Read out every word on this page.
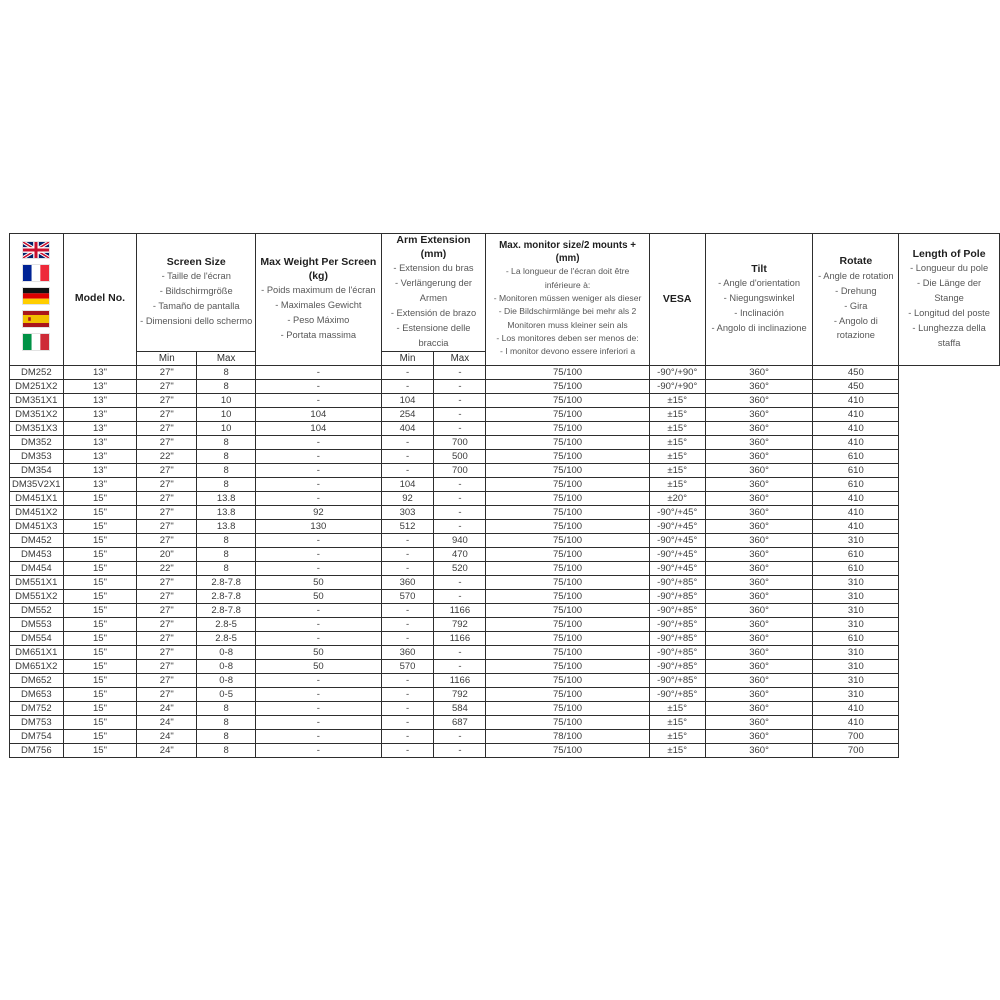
Model No.

Screen Size
- Taille de l'écran
- Bildschirmgröße
- Tamaño de pantalla
- Dimensioni dello schermo

Max Weight Per Screen (kg)
- Poids maximum de l'écran
- Maximales Gewicht
- Peso Máximo
- Portata massima

Arm Extension (mm)
- Extension du bras
- Verlängerung der Armen
- Extensión de brazo
- Estensione delle braccia

Max. monitor size/2 mounts + (mm)
- La longueur de l'écran doit être inférieure à:
- Monitoren müssen weniger als dieser
- Die Bildschirmlänge bei mehr als 2 Monitoren muss kleiner sein als
- Los monitores deben ser menos de:
- I monitor devono essere inferiori a

VESA

Tilt
- Angle d'orientation
- Niegungswinkel
- Inclinación
- Angolo di inclinazione

Rotate
- Angle de rotation
- Drehung
- Gira
- Angolo di rotazione

Length of Pole
- Longueur du pole
- Die Länge der Stange
- Longitud del poste
- Lunghezza della staffa

		Min	Max		Min	Max					
DM252	13"	27"	8	-	-	-	75/100	-90°/+90°	360°	450	
DM251X2	13"	27"	8	-	-	-	75/100	-90°/+90°	360°	450	
DM351X1	13"	27"	10	-	104	-	75/100	±15°	360°	410	
DM351X2	13"	27"	10	104	254	-	75/100	±15°	360°	410	
DM351X3	13"	27"	10	104	404	-	75/100	±15°	360°	410	
DM352	13"	27"	8	-	-	700	75/100	±15°	360°	410	
DM353	13"	22"	8	-	-	500	75/100	±15°	360°	610	
DM354	13"	27"	8	-	-	700	75/100	±15°	360°	610	
DM35V2X1	13"	27"	8	-	104	-	75/100	±15°	360°	610	
DM451X1	15"	27"	13.8	-	92	-	75/100	±20°	360°	410	
DM451X2	15"	27"	13.8	92	303	-	75/100	-90°/+45°	360°	410	
DM451X3	15"	27"	13.8	130	512	-	75/100	-90°/+45°	360°	410	
DM452	15"	27"	8	-	-	940	75/100	-90°/+45°	360°	310	
DM453	15"	20"	8	-	-	470	75/100	-90°/+45°	360°	610	
DM454	15"	22"	8	-	-	520	75/100	-90°/+45°	360°	610	
DM551X1	15"	27"	2.8-7.8	50	360	-	75/100	-90°/+85°	360°	310	
DM551X2	15"	27"	2.8-7.8	50	570	-	75/100	-90°/+85°	360°	310	
DM552	15"	27"	2.8-7.8	-	-	1166	75/100	-90°/+85°	360°	310	
DM553	15"	27"	2.8-5	-	-	792	75/100	-90°/+85°	360°	310	
DM554	15"	27"	2.8-5	-	-	1166	75/100	-90°/+85°	360°	610	
DM651X1	15"	27"	0-8	50	360	-	75/100	-90°/+85°	360°	310	
DM651X2	15"	27"	0-8	50	570	-	75/100	-90°/+85°	360°	310	
DM652	15"	27"	0-8	-	-	1166	75/100	-90°/+85°	360°	310	
DM653	15"	27"	0-5	-	-	792	75/100	-90°/+85°	360°	310	
DM752	15"	24"	8	-	-	584	75/100	±15°	360°	410	
DM753	15"	24"	8	-	-	687	75/100	±15°	360°	410	
DM754	15"	24"	8	-	-	-	78/100	±15°	360°	700	
DM756	15"	24"	8	-	-	-	75/100	±15°	360°	700	
